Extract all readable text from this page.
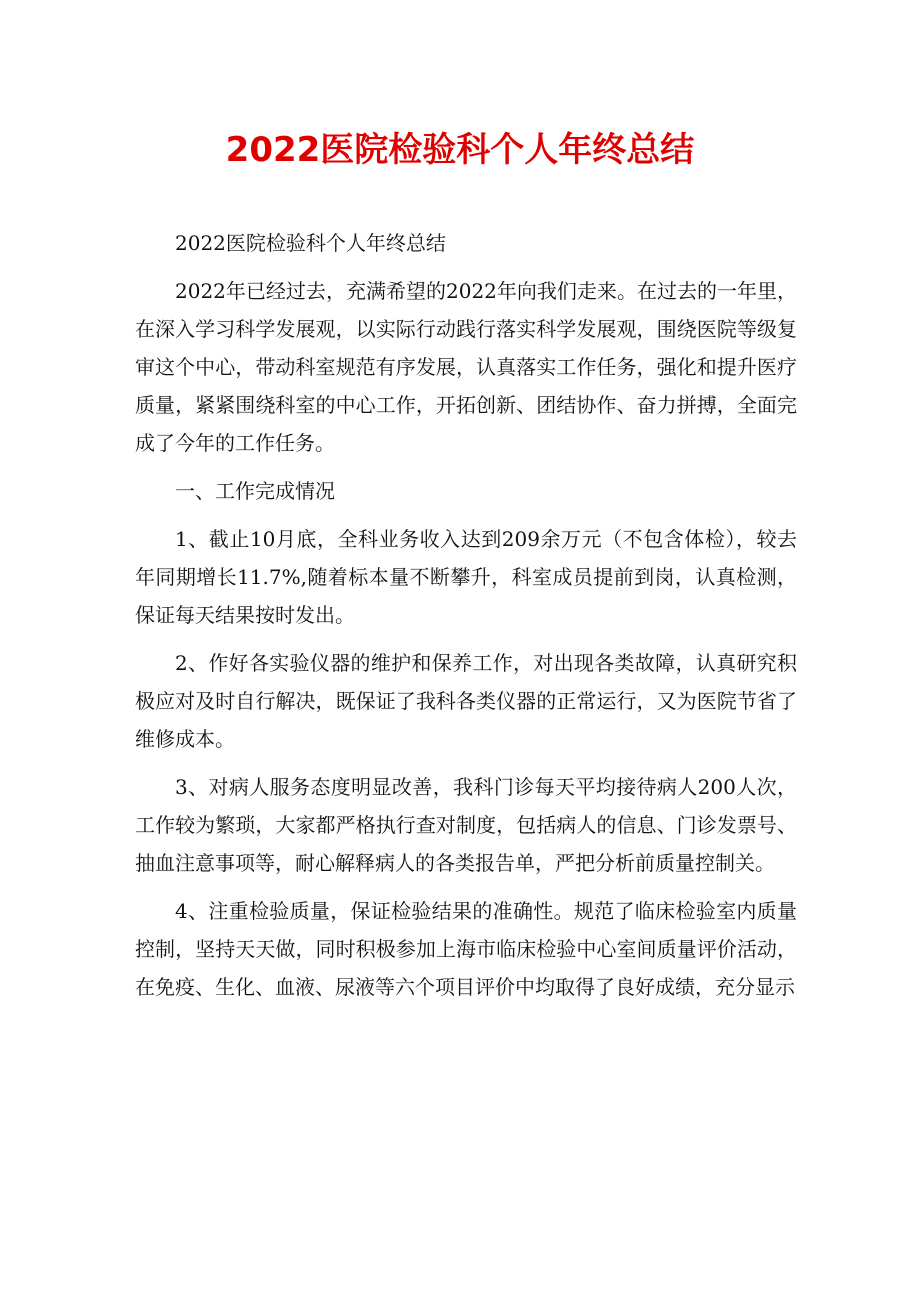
2022医院检验科个人年终总结

2022医院检验科个人年终总结

2022年已经过去，充满希望的2022年向我们走来。在过去的一年里，在深入学习科学发展观，以实际行动践行落实科学发展观，围绕医院等级复审这个中心，带动科室规范有序发展，认真落实工作任务，强化和提升医疗质量，紧紧围绕科室的中心工作，开拓创新、团结协作、奋力拼搏，全面完成了今年的工作任务。

一、工作完成情况

1、截止10月底，全科业务收入达到209余万元（不包含体检），较去年同期增长11.7%,随着标本量不断攀升，科室成员提前到岗，认真检测，保证每天结果按时发出。

2、作好各实验仪器的维护和保养工作，对出现各类故障，认真研究积极应对及时自行解决，既保证了我科各类仪器的正常运行，又为医院节省了维修成本。

3、对病人服务态度明显改善，我科门诊每天平均接待病人200人次，工作较为繁琐，大家都严格执行查对制度，包括病人的信息、门诊发票号、抽血注意事项等，耐心解释病人的各类报告单，严把分析前质量控制关。

4、注重检验质量，保证检验结果的准确性。规范了临床检验室内质量控制，坚持天天做，同时积极参加上海市临床检验中心室间质量评价活动，在免疫、生化、血液、尿液等六个项目评价中均取得了良好成绩，充分显示
